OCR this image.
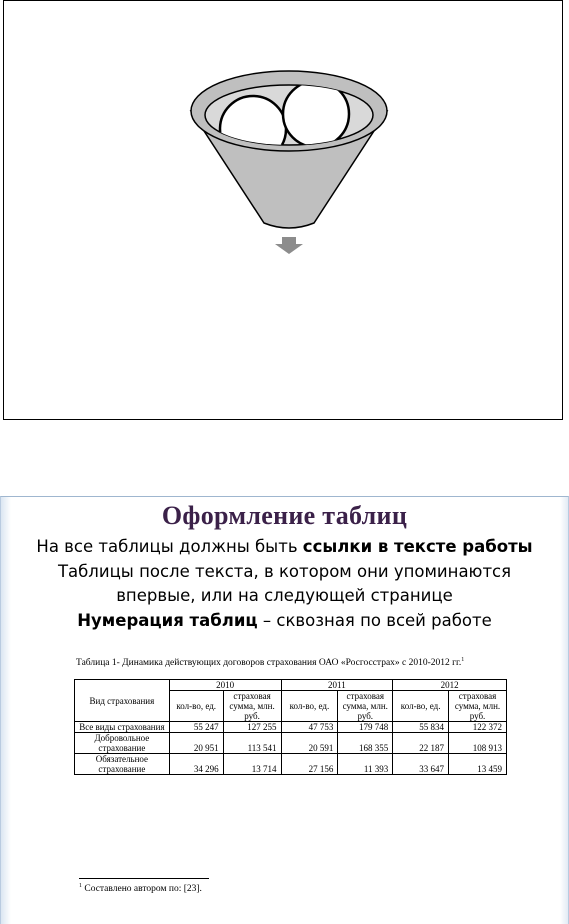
Оформление таблиц
На все таблицы должны быть ссылки в тексте работы
Таблицы после текста, в котором они упоминаются
впервые, или на следующей странице
Нумерация таблиц – сквозная по всей работе
Таблица 1- Динамика действующих договоров страхования ОАО «Росгосстрах» с 2010-2012 гг.$^1$
Вид страхования	2010		2011		2012	
	кол-во, ед.	страховая сумма, млн. руб.	кол-во, ед.	страховая сумма, млн. руб.	кол-во, ед.	страховая сумма, млн. руб.
Все виды страхования	55 247	127 255	47 753	179 748	55 834	122 372
Добровольное страхование	20 951	113 541	20 591	168 355	22 187	108 913
Обязательное страхование	34 296	13 714	27 156	11 393	33 647	13 459
$^1$ Составлено автором по: [23].
